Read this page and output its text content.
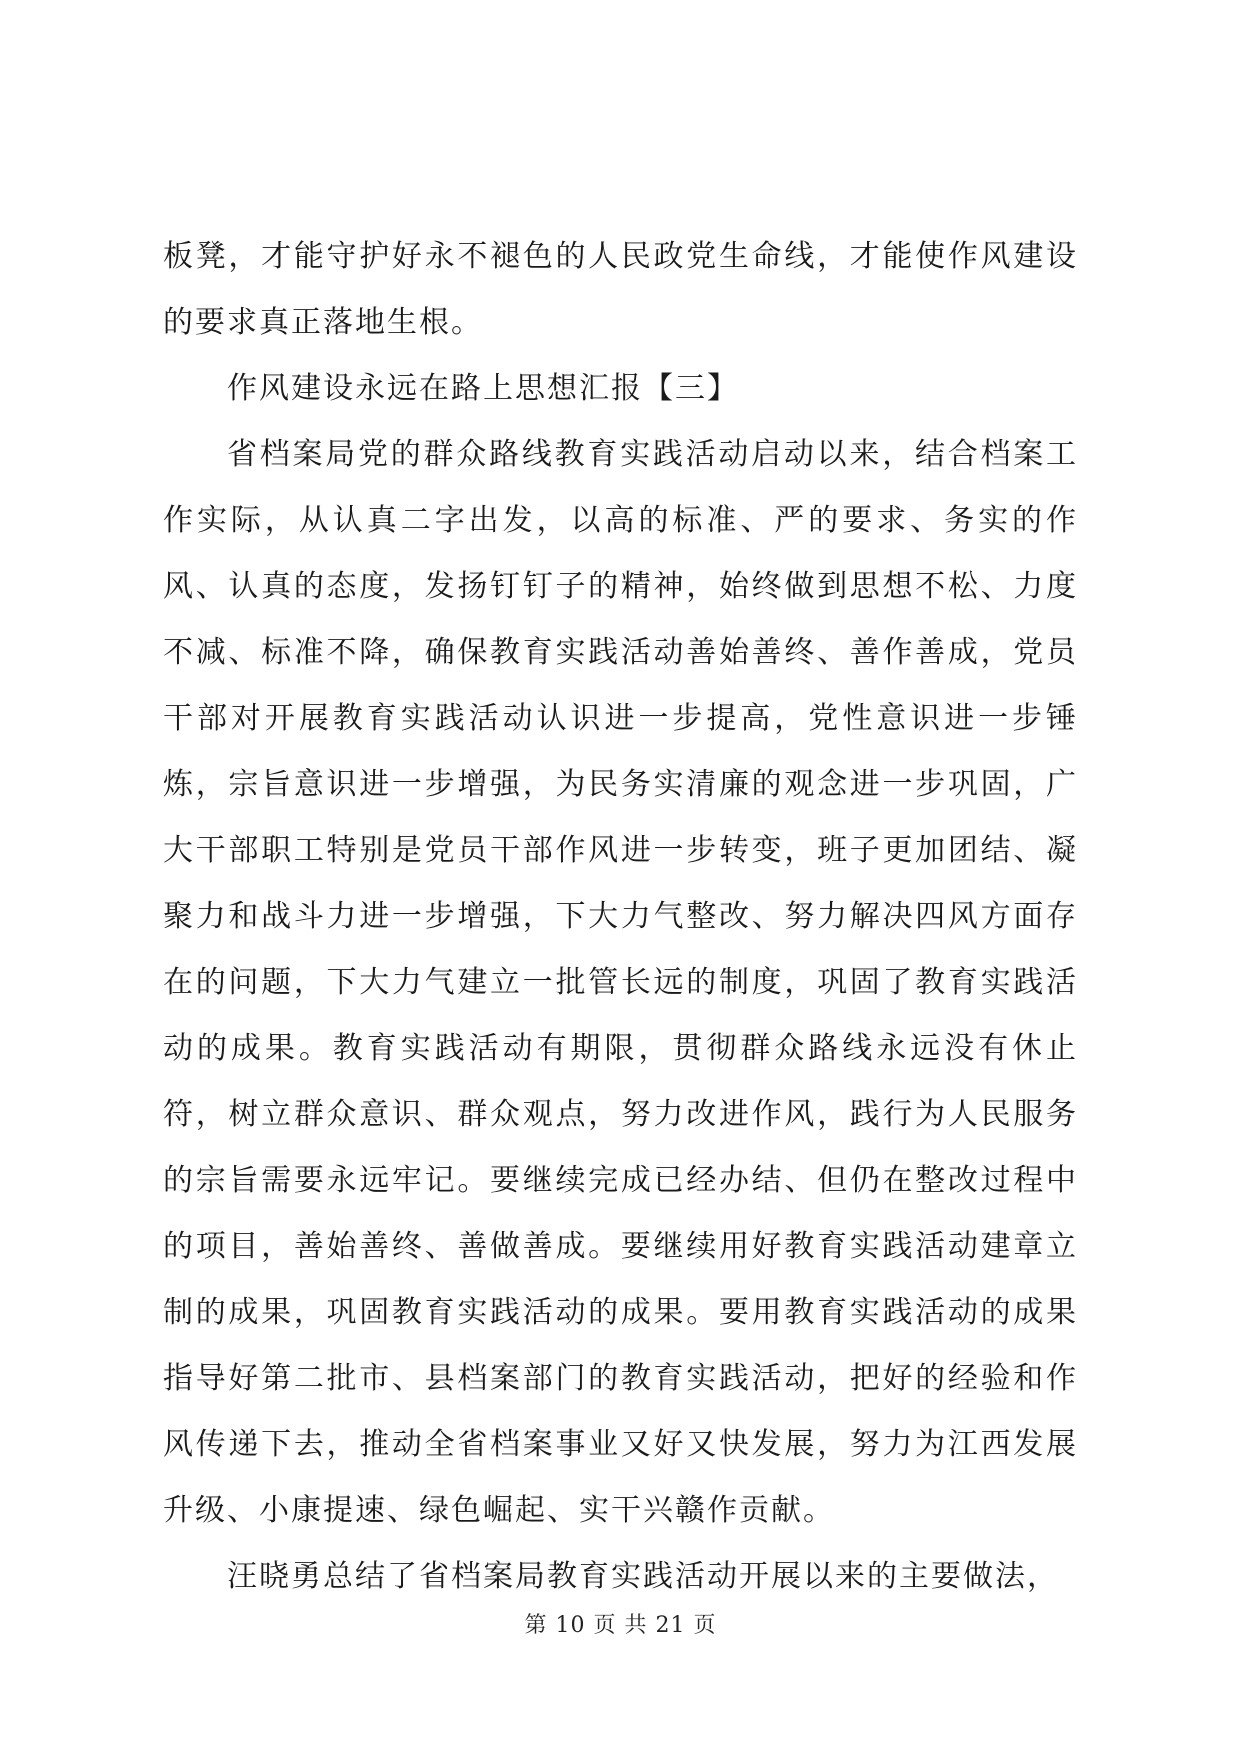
板凳，才能守护好永不褪色的人民政党生命线，才能使作风建设的要求真正落地生根。

作风建设永远在路上思想汇报【三】

省档案局党的群众路线教育实践活动启动以来，结合档案工作实际，从认真二字出发，以高的标准、严的要求、务实的作风、认真的态度，发扬钉钉子的精神，始终做到思想不松、力度不减、标准不降，确保教育实践活动善始善终、善作善成，党员干部对开展教育实践活动认识进一步提高，党性意识进一步锤炼，宗旨意识进一步增强，为民务实清廉的观念进一步巩固，广大干部职工特别是党员干部作风进一步转变，班子更加团结、凝聚力和战斗力进一步增强，下大力气整改、努力解决四风方面存在的问题，下大力气建立一批管长远的制度，巩固了教育实践活动的成果。教育实践活动有期限，贯彻群众路线永远没有休止符，树立群众意识、群众观点，努力改进作风，践行为人民服务的宗旨需要永远牢记。要继续完成已经办结、但仍在整改过程中的项目，善始善终、善做善成。要继续用好教育实践活动建章立制的成果，巩固教育实践活动的成果。要用教育实践活动的成果指导好第二批市、县档案部门的教育实践活动，把好的经验和作风传递下去，推动全省档案事业又好又快发展，努力为江西发展升级、小康提速、绿色崛起、实干兴赣作贡献。

汪晓勇总结了省档案局教育实践活动开展以来的主要做法，

第 10 页 共 21 页
